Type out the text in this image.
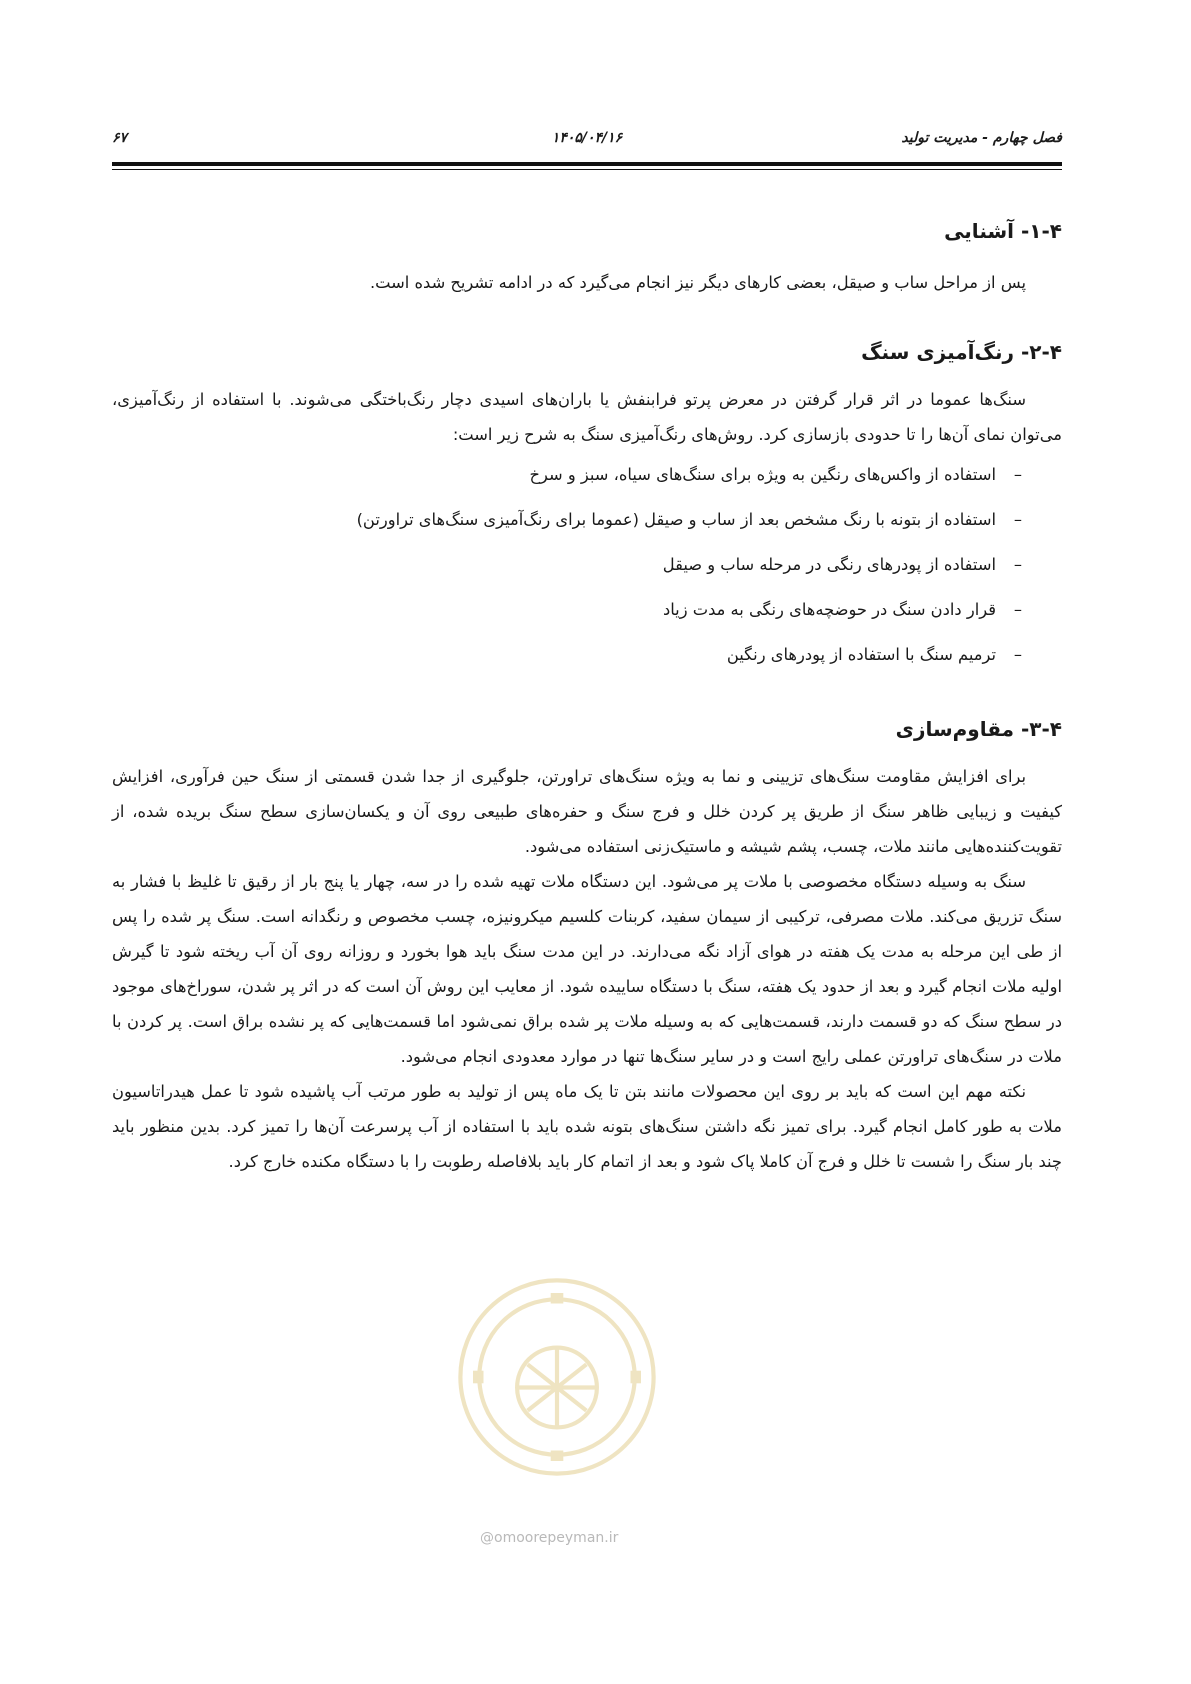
فصل چهارم - مدیریت تولید
۱۴۰۵/۰۴/۱۶
۶۷
۱-۴- آشنایی

پس از مراحل ساب و صیقل، بعضی کارهای دیگر نیز انجام می‌گیرد که در ادامه تشریح شده است.

۲-۴- رنگ‌آمیزی سنگ

سنگ‌ها عموما در اثر قرار گرفتن در معرض پرتو فرابنفش یا باران‌های اسیدی دچار رنگ‌باختگی می‌شوند. با استفاده از رنگ‌آمیزی، می‌توان نمای آن‌ها را تا حدودی بازسازی کرد. روش‌های رنگ‌آمیزی سنگ به شرح زیر است:

–استفاده از واکس‌های رنگین به ویژه برای سنگ‌های سیاه، سبز و سرخ
–استفاده از بتونه با رنگ مشخص بعد از ساب و صیقل (عموما برای رنگ‌آمیزی سنگ‌های تراورتن)
–استفاده از پودرهای رنگی در مرحله ساب و صیقل
–قرار دادن سنگ در حوضچه‌های رنگی به مدت زیاد
–ترمیم سنگ با استفاده از پودرهای رنگین
۳-۴- مقاوم‌سازی

برای افزایش مقاومت سنگ‌های تزیینی و نما به ویژه سنگ‌های تراورتن، جلوگیری از جدا شدن قسمتی از سنگ حین فرآوری، افزایش کیفیت و زیبایی ظاهر سنگ از طریق پر کردن خلل و فرج سنگ و حفره‌های طبیعی روی آن و یکسان‌سازی سطح سنگ بریده شده، از تقویت‌کننده‌هایی مانند ملات، چسب، پشم شیشه و ماستیک‌زنی استفاده می‌شود.

سنگ به وسیله دستگاه مخصوصی با ملات پر می‌شود. این دستگاه ملات تهیه شده را در سه، چهار یا پنج بار از رقیق تا غلیظ با فشار به سنگ تزریق می‌کند. ملات مصرفی، ترکیبی از سیمان سفید، کربنات کلسیم میکرونیزه، چسب مخصوص و رنگدانه است. سنگ پر شده را پس از طی این مرحله به مدت یک هفته در هوای آزاد نگه می‌دارند. در این مدت سنگ باید هوا بخورد و روزانه روی آن آب ریخته شود تا گیرش اولیه ملات انجام گیرد و بعد از حدود یک هفته، سنگ با دستگاه ساییده شود. از معایب این روش آن است که در اثر پر شدن، سوراخ‌های موجود در سطح سنگ که دو قسمت دارند، قسمت‌هایی که به وسیله ملات پر شده براق نمی‌شود اما قسمت‌هایی که پر نشده براق است. پر کردن با ملات در سنگ‌های تراورتن عملی رایج است و در سایر سنگ‌ها تنها در موارد معدودی انجام می‌شود.

نکته مهم این است که باید بر روی این محصولات مانند بتن تا یک ماه پس از تولید به طور مرتب آب پاشیده شود تا عمل هیدراتاسیون ملات به طور کامل انجام گیرد. برای تمیز نگه داشتن سنگ‌های بتونه شده باید با استفاده از آب پرسرعت آن‌ها را تمیز کرد. بدین منظور باید چند بار سنگ را شست تا خلل و فرج آن کاملا پاک شود و بعد از اتمام کار باید بلافاصله رطوبت را با دستگاه مکنده خارج کرد.

@omoorepeyman.ir
